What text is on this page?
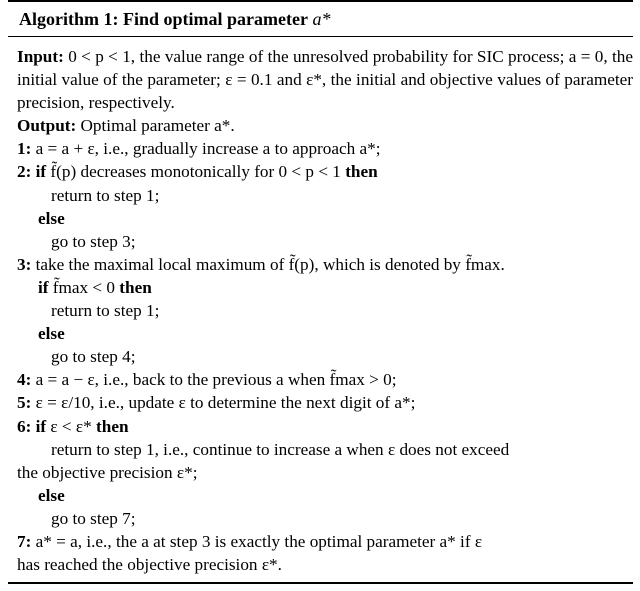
Algorithm 1: Find optimal parameter a*
Input: 0 < p < 1, the value range of the unresolved probability for SIC process; a = 0, the initial value of the parameter; ε = 0.1 and ε*, the initial and objective values of parameter precision, respectively.
Output: Optimal parameter a*.
1: a = a + ε, i.e., gradually increase a to approach a*;
2: if f̃(p) decreases monotonically for 0 < p < 1 then
return to step 1;
else
go to step 3;
3: take the maximal local maximum of f̃(p), which is denoted by f̃max.
if f̃max < 0 then
return to step 1;
else
go to step 4;
4: a = a − ε, i.e., back to the previous a when f̃max > 0;
5: ε = ε/10, i.e., update ε to determine the next digit of a*;
6: if ε < ε* then
return to step 1, i.e., continue to increase a when ε does not exceed
the objective precision ε*;
else
go to step 7;
7: a* = a, i.e., the a at step 3 is exactly the optimal parameter a* if ε
has reached the objective precision ε*.
